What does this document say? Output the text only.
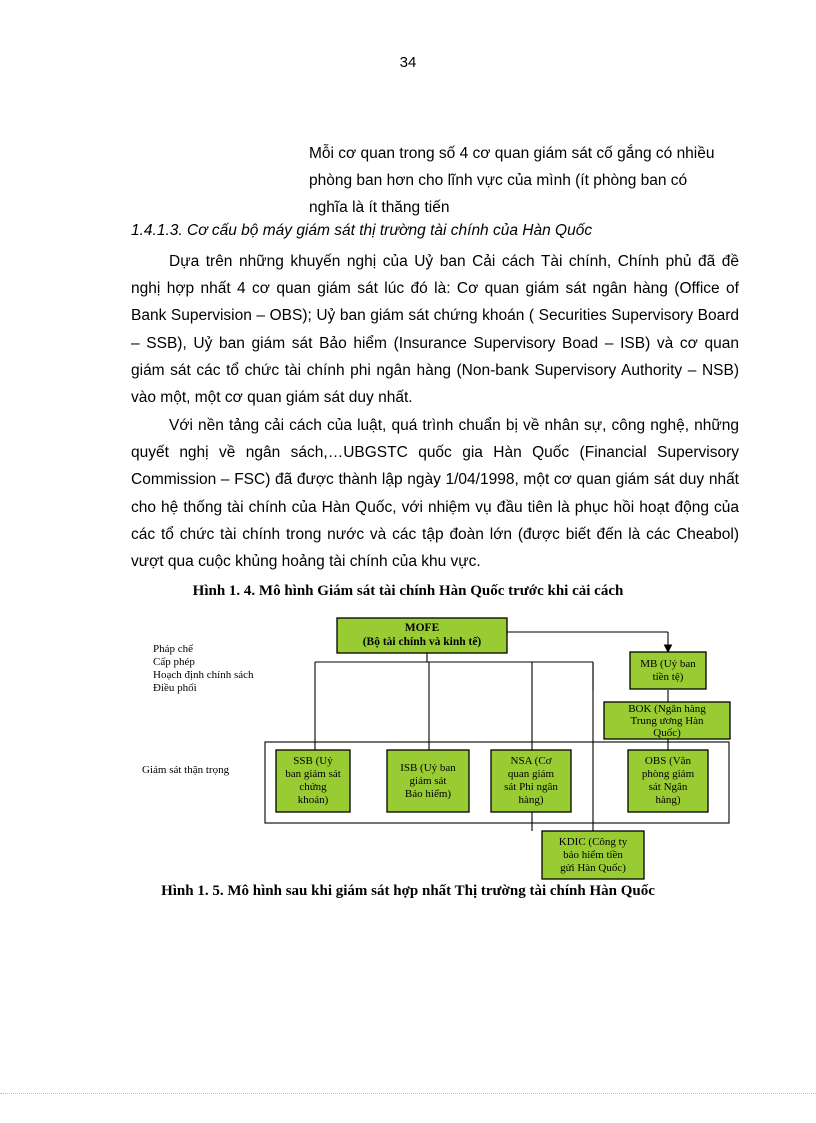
34
Mỗi cơ quan trong số 4 cơ quan giám sát cố gắng có nhiều
phòng ban hơn cho lĩnh vực của mình (ít phòng ban có
nghĩa là ít thăng tiến
1.4.1.3. Cơ cấu bộ máy giám sát thị trường tài chính của Hàn Quốc
Dựa trên những khuyến nghị của Uỷ ban Cải cách Tài chính, Chính phủ đã đề nghị hợp nhất 4 cơ quan giám sát lúc đó là: Cơ quan giám sát ngân hàng (Office of Bank Supervision – OBS); Uỷ ban giám sát chứng khoán ( Securities Supervisory Board – SSB), Uỷ ban giám sát Bảo hiểm (Insurance Supervisory Boad – ISB) và cơ quan giám sát các tổ chức tài chính phi ngân hàng (Non-bank Supervisory Authority – NSB) vào một, một cơ quan giám sát duy nhất.
Với nền tảng cải cách của luật, quá trình chuẩn bị về nhân sự, công nghệ, những quyết nghị về ngân sách,…UBGSTC quốc gia Hàn Quốc (Financial Supervisory Commission – FSC) đã được thành lập ngày 1/04/1998, một cơ quan giám sát duy nhất cho hệ thống tài chính của Hàn Quốc, với nhiệm vụ đầu tiên là phục hồi hoạt động của các tổ chức tài chính trong nước và các tập đoàn lớn (được biết đến là các Cheabol) vượt qua cuộc khủng hoảng tài chính của khu vực.
Hình 1. 4. Mô hình Giám sát tài chính Hàn Quốc trước khi cải cách
Pháp chế
Cấp phép
Hoạch định chính sách
Điều phối
Giám sát thận trọng
MOFE
(Bộ tài chính và kinh tế)
MB (Uỷ ban
tiền tệ)
BOK (Ngân hàng
Trung ương Hàn
Quốc)
SSB (Uỷ
ban giám sát
chứng
khoán)
ISB (Uỷ ban
giám sát
Bảo hiểm)
NSA (Cơ
quan giám
sát Phi ngân
hàng)
OBS (Văn
phòng giám
sát Ngân
hàng)
KDIC (Công ty
bảo hiểm tiền
gửi Hàn Quốc)
Hình 1. 5. Mô hình sau khi giám sát hợp nhất Thị trường tài chính Hàn Quốc
